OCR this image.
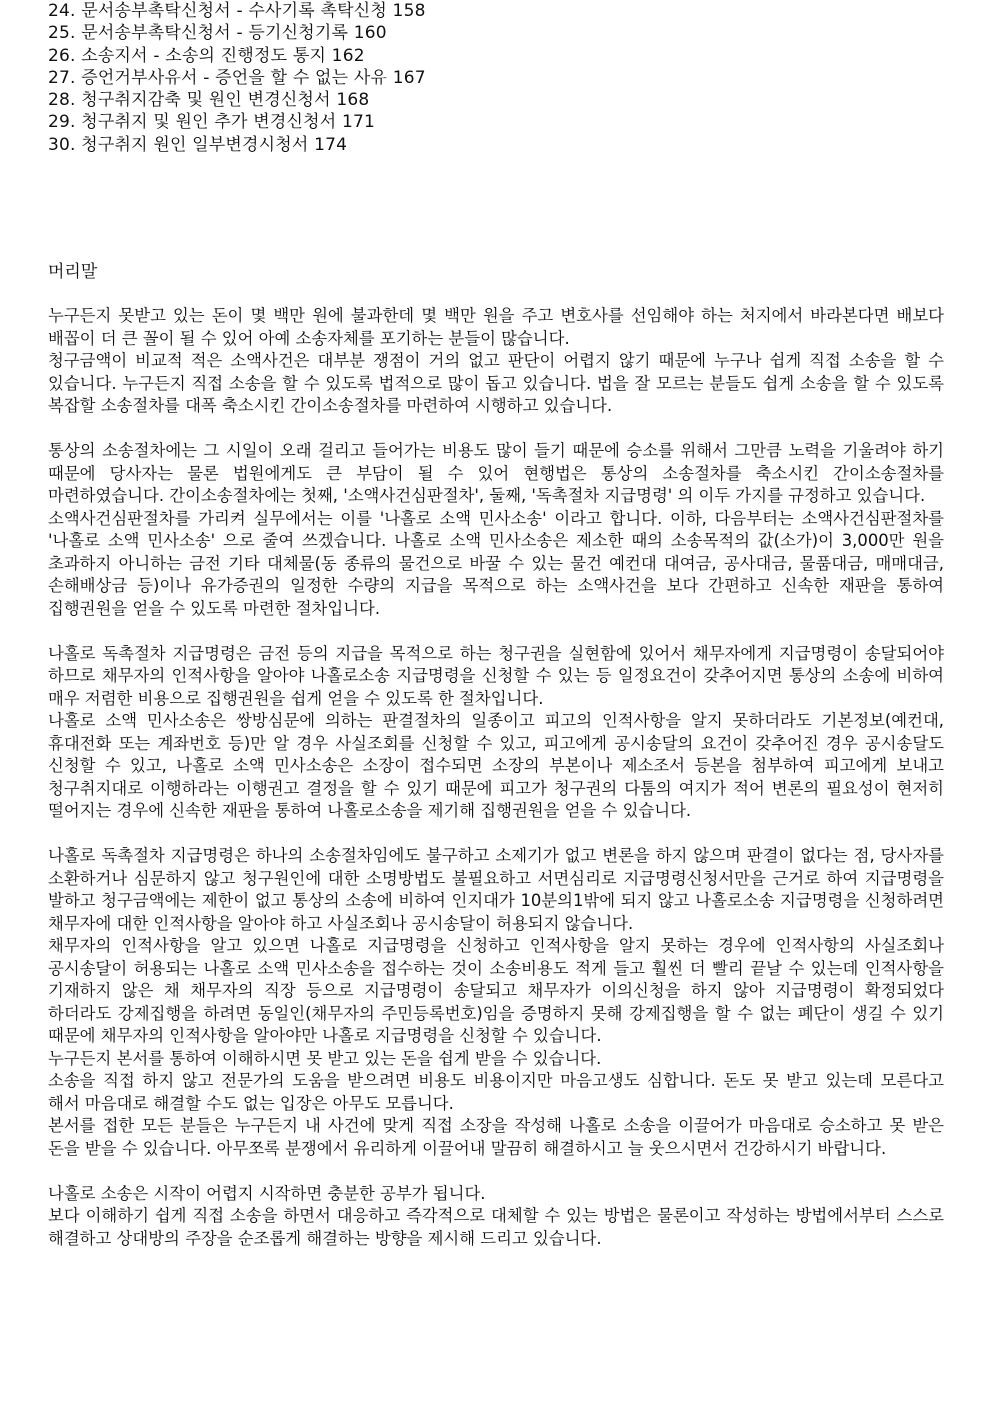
24. 문서송부촉탁신청서 - 수사기록 촉탁신청 158
25. 문서송부촉탁신청서 - 등기신청기록 160
26. 소송지서 - 소송의 진행정도 통지 162
27. 증언거부사유서 - 증언을 할 수 없는 사유 167
28. 청구취지감축 및 원인 변경신청서 168
29. 청구취지 및 원인 추가 변경신청서 171
30. 청구취지 원인 일부변경시청서 174
머리말

누구든지 못받고 있는 돈이 몇 백만 원에 불과한데 몇 백만 원을 주고 변호사를 선임해야 하는 처지에서 바라본다면 배보다 배꼽이 더 큰 꼴이 될 수 있어 아예 소송자체를 포기하는 분들이 많습니다.

청구금액이 비교적 적은 소액사건은 대부분 쟁점이 거의 없고 판단이 어렵지 않기 때문에 누구나 쉽게 직접 소송을 할 수 있습니다. 누구든지 직접 소송을 할 수 있도록 법적으로 많이 돕고 있습니다. 법을 잘 모르는 분들도 쉽게 소송을 할 수 있도록 복잡할 소송절차를 대폭 축소시킨 간이소송절차를 마련하여 시행하고 있습니다.

통상의 소송절차에는 그 시일이 오래 걸리고 들어가는 비용도 많이 들기 때문에 승소를 위해서 그만큼 노력을 기울려야 하기 때문에 당사자는 물론 법원에게도 큰 부담이 될 수 있어 현행법은 통상의 소송절차를 축소시킨 간이소송절차를 마련하였습니다. 간이소송절차에는 첫째, '소액사건심판절차', 둘째, '독촉절차 지급명령' 의 이두 가지를 규정하고 있습니다.

소액사건심판절차를 가리켜 실무에서는 이를 '나홀로 소액 민사소송' 이라고 합니다. 이하, 다음부터는 소액사건심판절차를 '나홀로 소액 민사소송' 으로 줄여 쓰겠습니다. 나홀로 소액 민사소송은 제소한 때의 소송목적의 값(소가)이 3,000만 원을 초과하지 아니하는 금전 기타 대체물(동 종류의 물건으로 바꿀 수 있는 물건 예컨대 대여금, 공사대금, 물품대금, 매매대금, 손해배상금 등)이나 유가증권의 일정한 수량의 지급을 목적으로 하는 소액사건을 보다 간편하고 신속한 재판을 통하여 집행권원을 얻을 수 있도록 마련한 절차입니다.

나홀로 독촉절차 지급명령은 금전 등의 지급을 목적으로 하는 청구권을 실현함에 있어서 채무자에게 지급명령이 송달되어야 하므로 채무자의 인적사항을 알아야 나홀로소송 지급명령을 신청할 수 있는 등 일정요건이 갖추어지면 통상의 소송에 비하여 매우 저렴한 비용으로 집행권원을 쉽게 얻을 수 있도록 한 절차입니다.

나홀로 소액 민사소송은 쌍방심문에 의하는 판결절차의 일종이고 피고의 인적사항을 알지 못하더라도 기본정보(예컨대, 휴대전화 또는 계좌번호 등)만 알 경우 사실조회를 신청할 수 있고, 피고에게 공시송달의 요건이 갖추어진 경우 공시송달도 신청할 수 있고, 나홀로 소액 민사소송은 소장이 접수되면 소장의 부본이나 제소조서 등본을 첨부하여 피고에게 보내고 청구취지대로 이행하라는 이행권고 결정을 할 수 있기 때문에 피고가 청구권의 다툼의 여지가 적어 변론의 필요성이 현저히 떨어지는 경우에 신속한 재판을 통하여 나홀로소송을 제기해 집행권원을 얻을 수 있습니다.

나홀로 독촉절차 지급명령은 하나의 소송절차임에도 불구하고 소제기가 없고 변론을 하지 않으며 판결이 없다는 점, 당사자를 소환하거나 심문하지 않고 청구원인에 대한 소명방법도 불필요하고 서면심리로 지급명령신청서만을 근거로 하여 지급명령을 발하고 청구금액에는 제한이 없고 통상의 소송에 비하여 인지대가 10분의1밖에 되지 않고 나홀로소송 지급명령을 신청하려면 채무자에 대한 인적사항을 알아야 하고 사실조회나 공시송달이 허용되지 않습니다.

채무자의 인적사항을 알고 있으면 나홀로 지급명령을 신청하고 인적사항을 알지 못하는 경우에 인적사항의 사실조회나 공시송달이 허용되는 나홀로 소액 민사소송을 접수하는 것이 소송비용도 적게 들고 훨씬 더 빨리 끝날 수 있는데 인적사항을 기재하지 않은 채 채무자의 직장 등으로 지급명령이 송달되고 채무자가 이의신청을 하지 않아 지급명령이 확정되었다 하더라도 강제집행을 하려면 동일인(채무자의 주민등록번호)임을 증명하지 못해 강제집행을 할 수 없는 폐단이 생길 수 있기 때문에 채무자의 인적사항을 알아야만 나홀로 지급명령을 신청할 수 있습니다.

누구든지 본서를 통하여 이해하시면 못 받고 있는 돈을 쉽게 받을 수 있습니다.

소송을 직접 하지 않고 전문가의 도움을 받으려면 비용도 비용이지만 마음고생도 심합니다. 돈도 못 받고 있는데 모른다고 해서 마음대로 해결할 수도 없는 입장은 아무도 모릅니다.

본서를 접한 모든 분들은 누구든지 내 사건에 맞게 직접 소장을 작성해 나홀로 소송을 이끌어가 마음대로 승소하고 못 받은 돈을 받을 수 있습니다. 아무쪼록 분쟁에서 유리하게 이끌어내 말끔히 해결하시고 늘 웃으시면서 건강하시기 바랍니다.

나홀로 소송은 시작이 어렵지 시작하면 충분한 공부가 됩니다.

보다 이해하기 쉽게 직접 소송을 하면서 대응하고 즉각적으로 대체할 수 있는 방법은 물론이고 작성하는 방법에서부터 스스로 해결하고 상대방의 주장을 순조롭게 해결하는 방향을 제시해 드리고 있습니다.
